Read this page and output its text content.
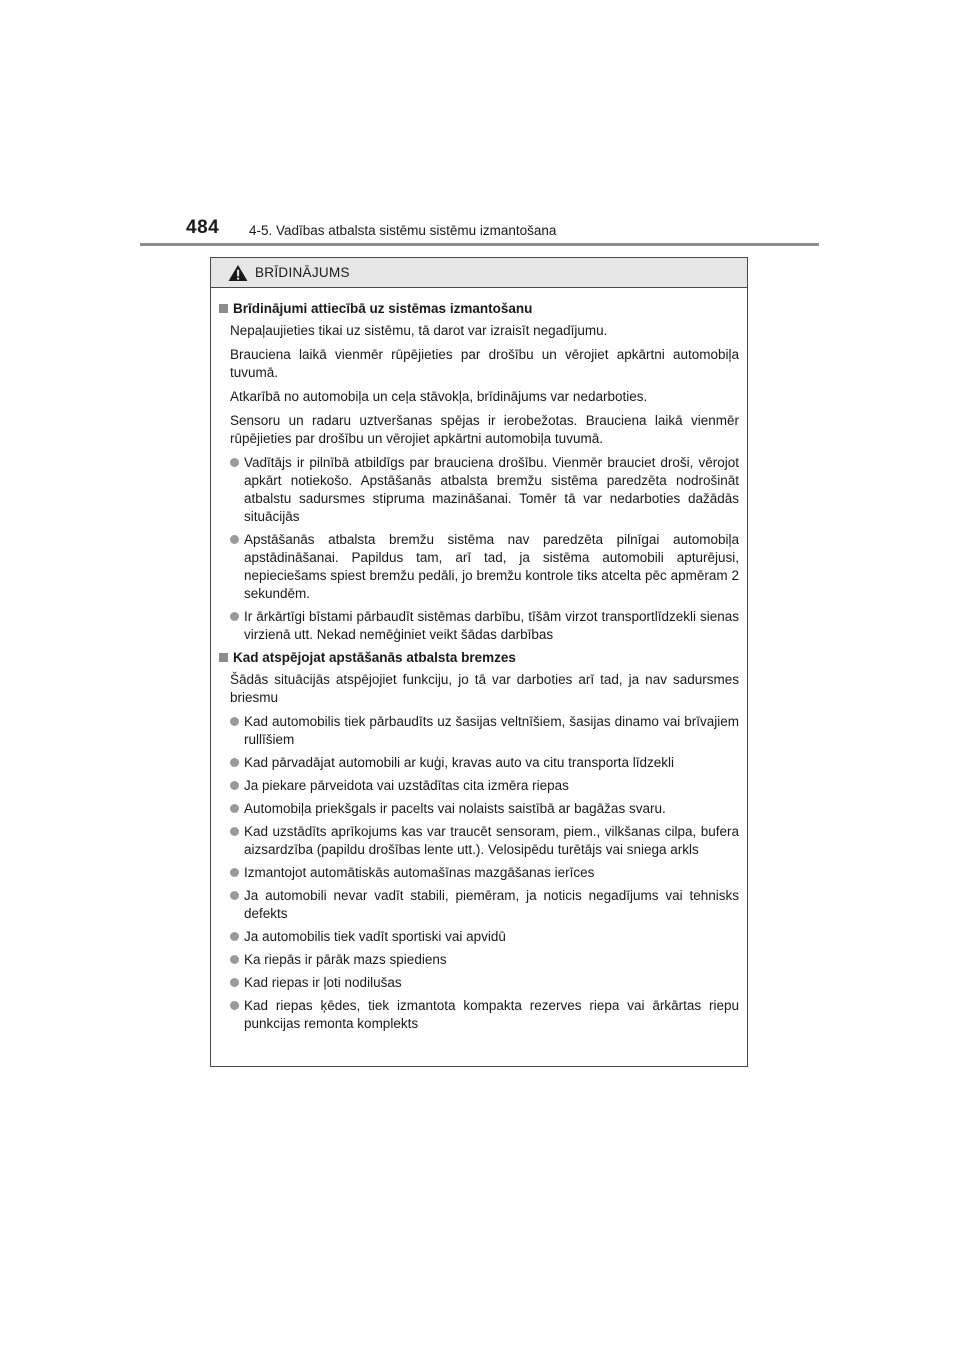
484 4-5. Vadības atbalsta sistēmu sistēmu izmantošana
BRĪDINĀJUMS
Brīdinājumi attiecībā uz sistēmas izmantošanu

Nepaļaujieties tikai uz sistēmu, tā darot var izraisīt negadījumu.

Brauciena laikā vienmēr rūpējieties par drošību un vērojiet apkārtni automobiļa tuvumā.

Atkarībā no automobiļa un ceļa stāvokļa, brīdinājums var nedarboties.

Sensoru un radaru uztveršanas spējas ir ierobežotas. Brauciena laikā vienmēr rūpējieties par drošību un vērojiet apkārtni automobiļa tuvumā.

Vadītājs ir pilnībā atbildīgs par brauciena drošību. Vienmēr brauciet droši, vērojot apkārt notiekošo. Apstāšanās atbalsta bremžu sistēma paredzēta nodrošināt atbalstu sadursmes stipruma mazināšanai. Tomēr tā var nedarboties dažādās situācijās
Apstāšanās atbalsta bremžu sistēma nav paredzēta pilnīgai automobiļa apstādināšanai. Papildus tam, arī tad, ja sistēma automobili apturējusi, nepieciešams spiest bremžu pedāli, jo bremžu kontrole tiks atcelta pēc apmēram 2 sekundēm.
Ir ārkārtīgi bīstami pārbaudīt sistēmas darbību, tīšām virzot transportlīdzekli sienas virzienā utt. Nekad nemēģiniet veikt šādas darbības
Kad atspējojat apstāšanās atbalsta bremzes

Šādās situācijās atspējojiet funkciju, jo tā var darboties arī tad, ja nav sadursmes briesmu

Kad automobilis tiek pārbaudīts uz šasijas veltnīšiem, šasijas dinamo vai brīvajiem rullīšiem
Kad pārvadājat automobili ar kuģi, kravas auto va citu transporta līdzekli
Ja piekare pārveidota vai uzstādītas cita izmēra riepas
Automobiļa priekšgals ir pacelts vai nolaists saistībā ar bagāžas svaru.
Kad uzstādīts aprīkojums kas var traucēt sensoram, piem., vilkšanas cilpa, bufera aizsardzība (papildu drošības lente utt.). Velosipēdu turētājs vai sniega arkls
Izmantojot automātiskās automašīnas mazgāšanas ierīces
Ja automobili nevar vadīt stabili, piemēram, ja noticis negadījums vai tehnisks defekts
Ja automobilis tiek vadīt sportiski vai apvidū
Ka riepās ir pārāk mazs spiediens
Kad riepas ir ļoti nodilušas
Kad riepas ķēdes, tiek izmantota kompakta rezerves riepa vai ārkārtas riepu punkcijas remonta komplekts
